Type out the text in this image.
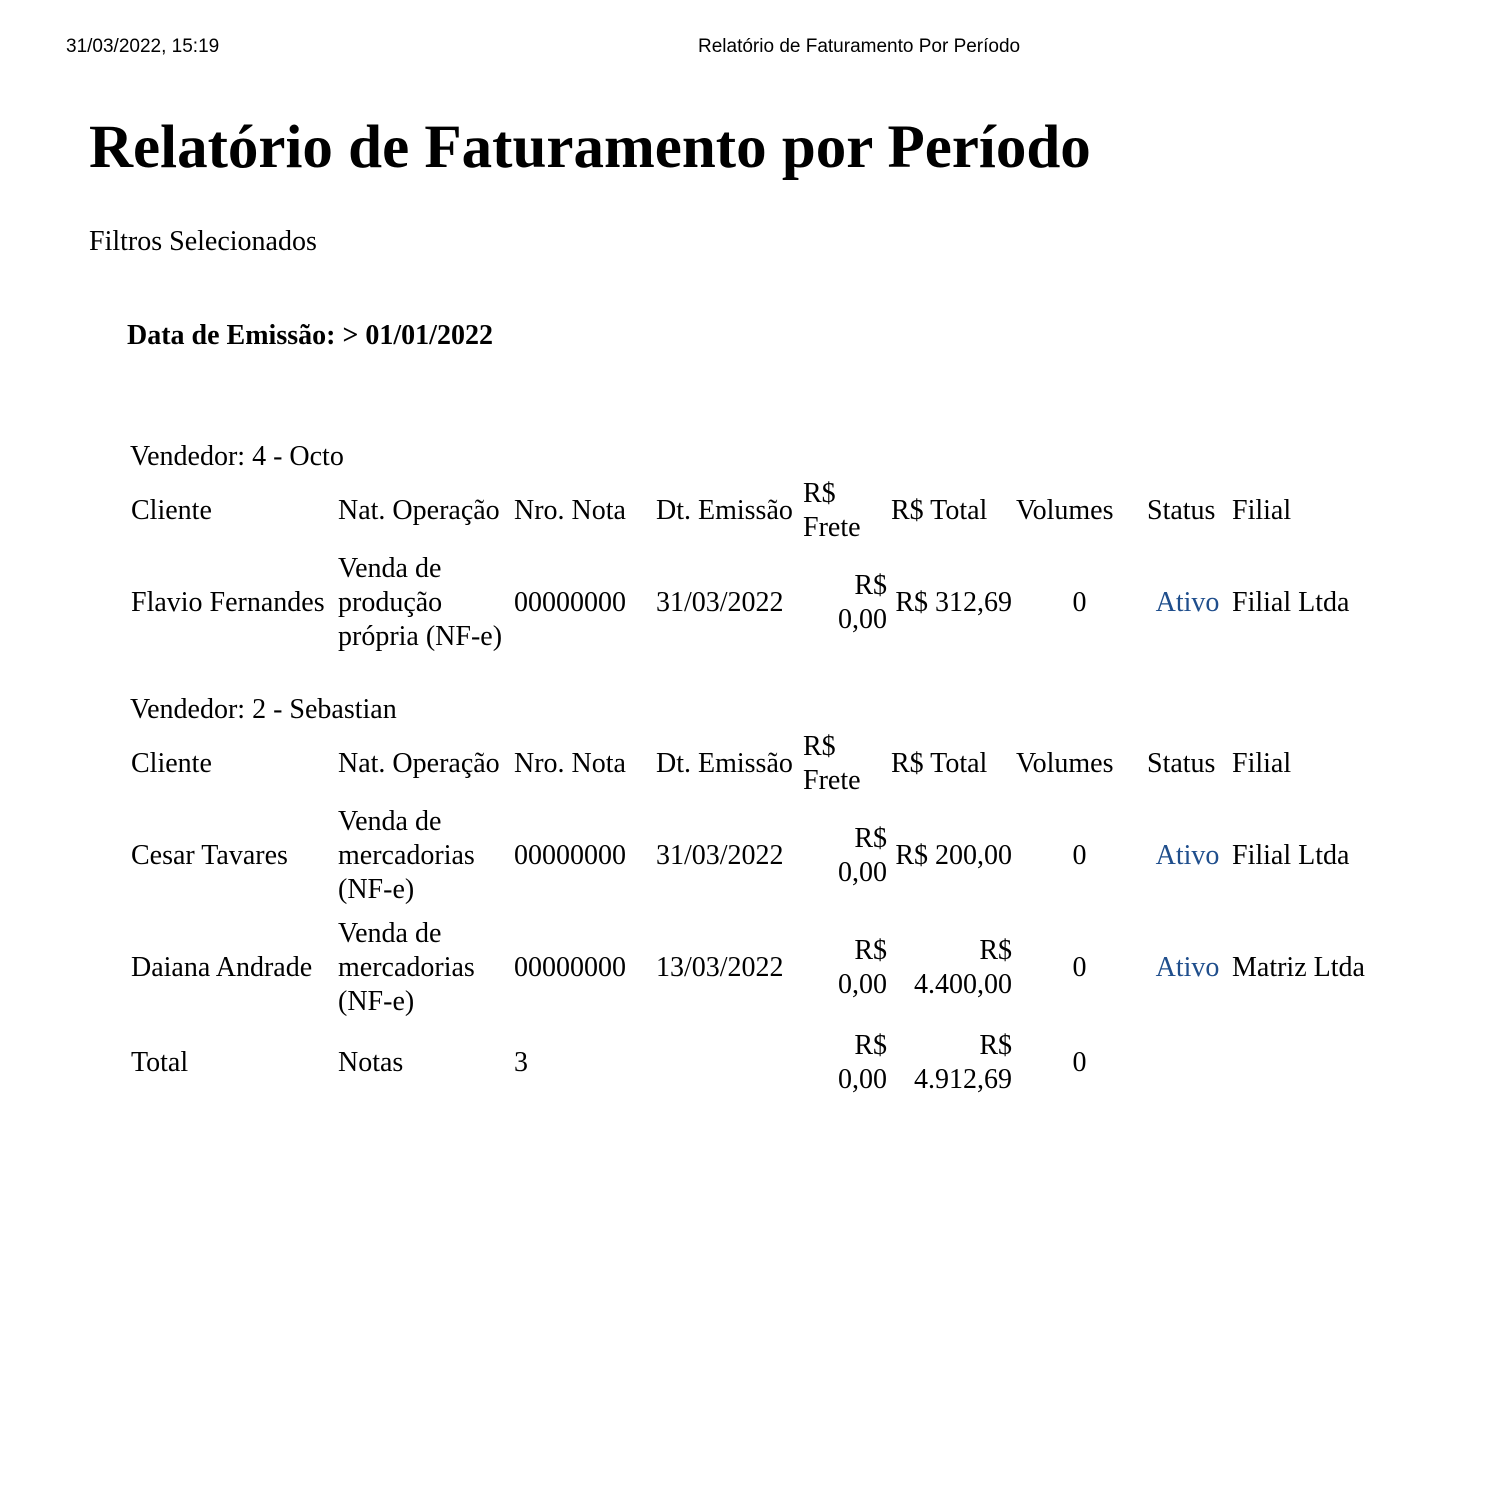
31/03/2022, 15:19	Relatório de Faturamento Por Período
Relatório de Faturamento por Período
Filtros Selecionados
Data de Emissão: > 01/01/2022
Vendedor: 4 - Octo
Cliente	Nat. Operação	Nro. Nota	Dt. Emissão	R$ Frete	R$ Total	Volumes	Status	Filial
Flavio Fernandes	Venda de produção própria (NF-e)	00000000	31/03/2022	R$ 0,00	R$ 312,69	0	Ativo	Filial Ltda
Vendedor: 2 - Sebastian
Cliente	Nat. Operação	Nro. Nota	Dt. Emissão	R$ Frete	R$ Total	Volumes	Status	Filial
Cesar Tavares	Venda de mercadorias (NF-e)	00000000	31/03/2022	R$ 0,00	R$ 200,00	0	Ativo	Filial Ltda
Daiana Andrade	Venda de mercadorias (NF-e)	00000000	13/03/2022	R$ 0,00	R$ 4.400,00	0	Ativo	Matriz Ltda
Total	Notas	3		R$ 0,00	R$ 4.912,69	0		
